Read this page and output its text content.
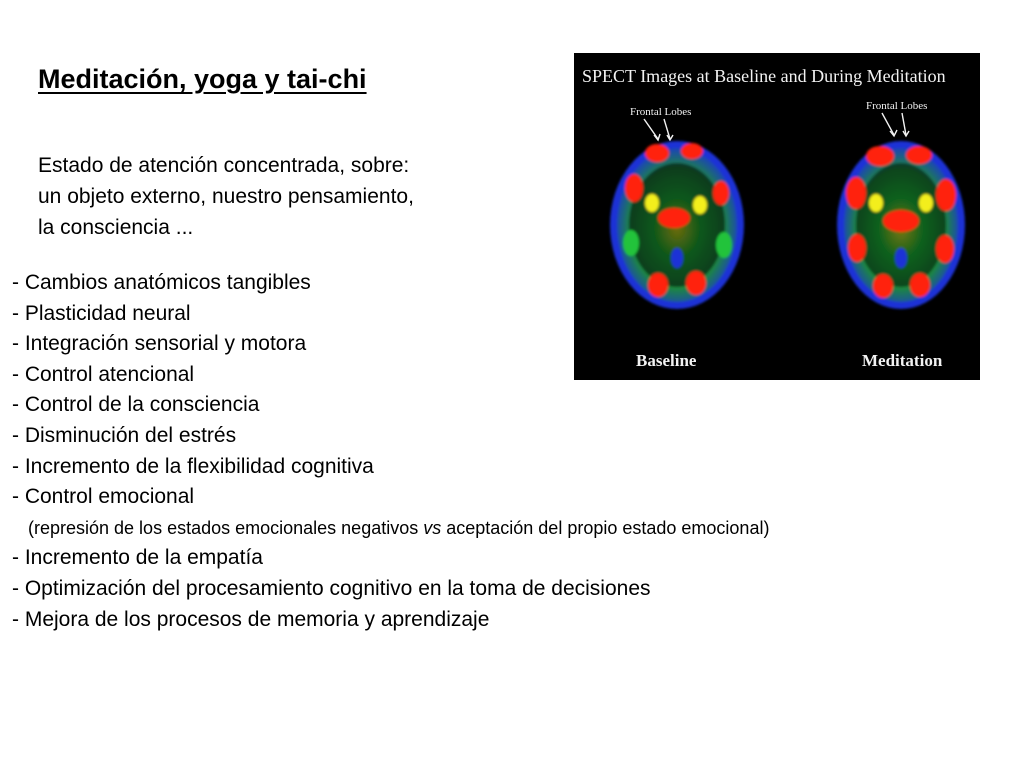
Meditación, yoga y tai-chi
Estado de atención concentrada, sobre:
un objeto externo, nuestro pensamiento,
la consciencia ...
- Cambios anatómicos tangibles
- Plasticidad neural
- Integración sensorial y motora
- Control atencional
- Control de la consciencia
- Disminución del estrés
- Incremento de la flexibilidad cognitiva
- Control emocional
(represión de los estados emocionales negativos vs aceptación del propio estado emocional)
- Incremento de la empatía
- Optimización del procesamiento cognitivo en la toma de decisiones
- Mejora de los procesos de memoria y aprendizaje
SPECT Images at Baseline and During Meditation
Frontal Lobes
Baseline
Frontal Lobes
Meditation
